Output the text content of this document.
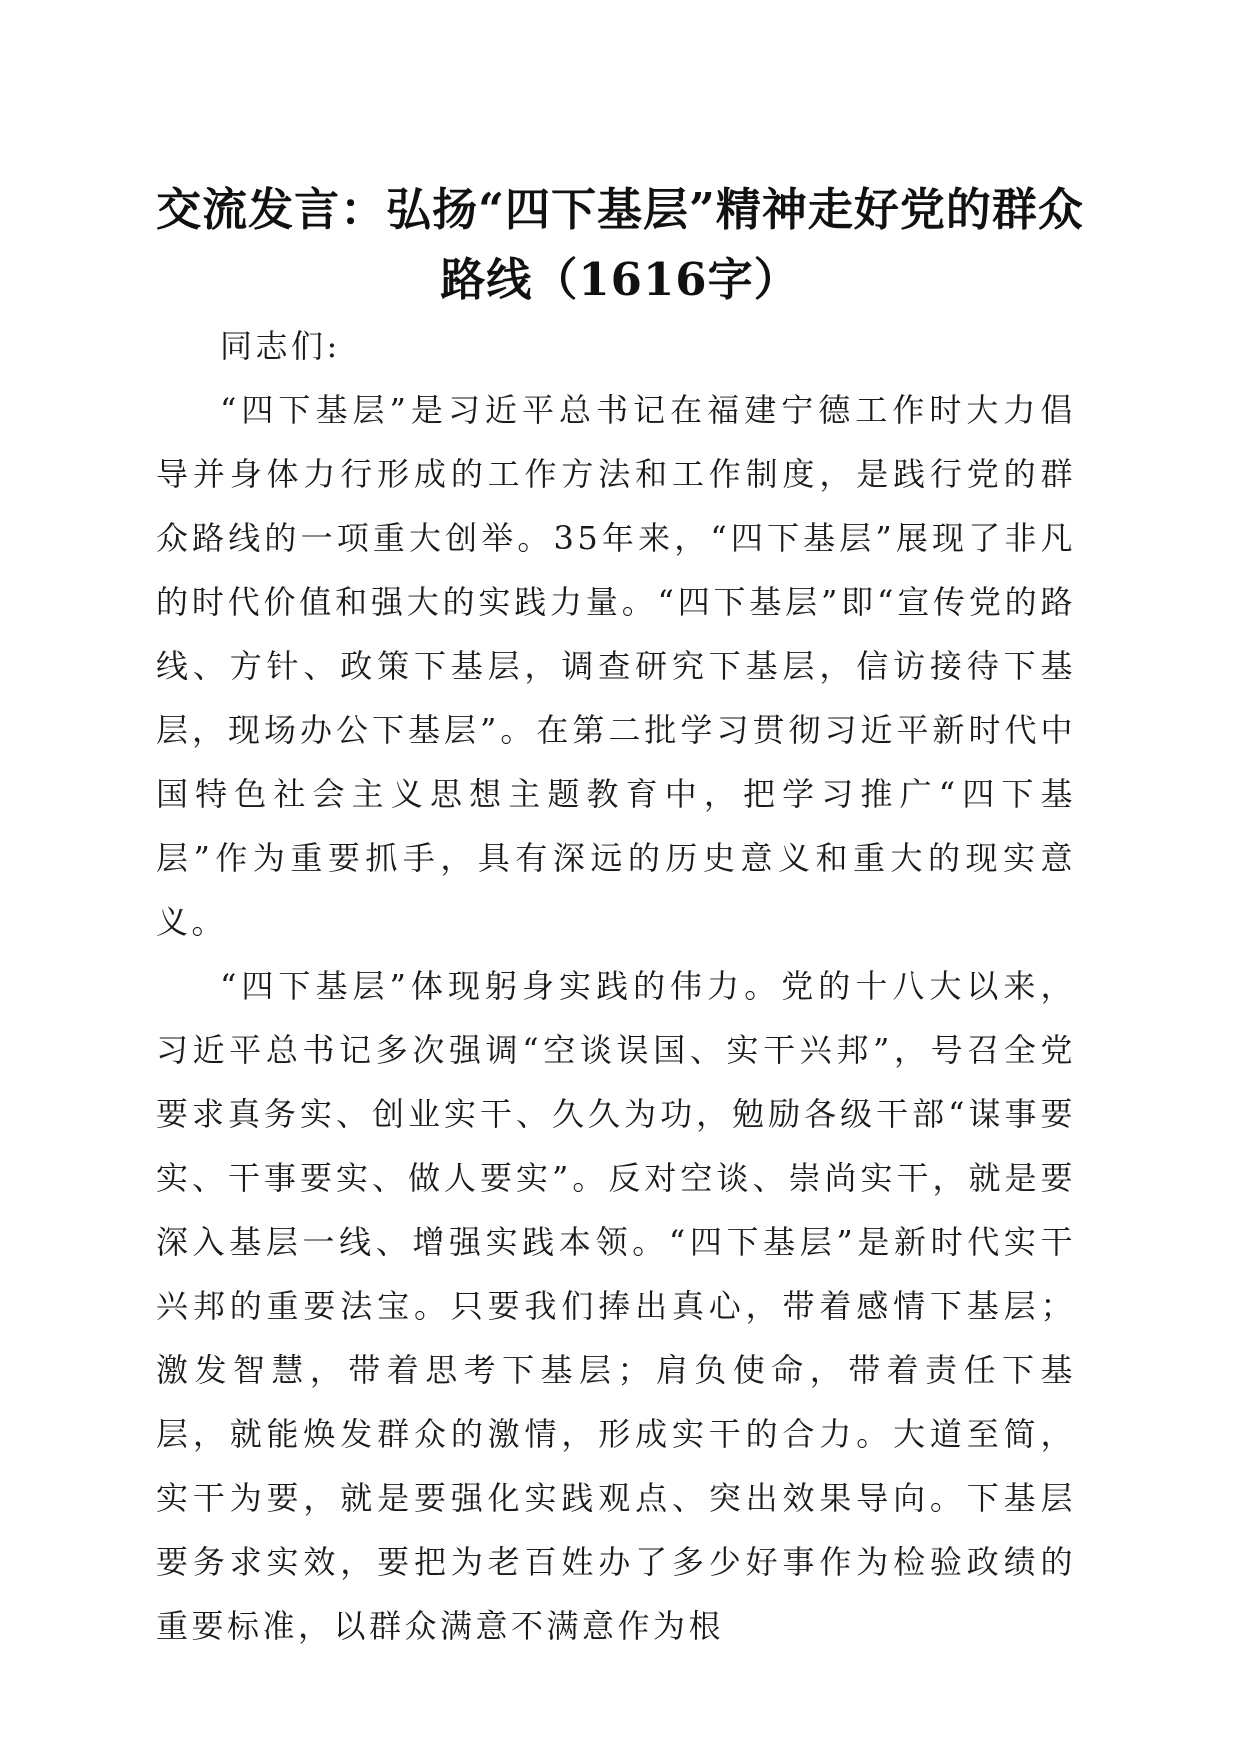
交流发言：弘扬“四下基层”精神走好党的群众路线（1616字）

同志们:

“四下基层”是习近平总书记在福建宁德工作时大力倡导并身体力行形成的工作方法和工作制度，是践行党的群众路线的一项重大创举。35年来，“四下基层”展现了非凡的时代价值和强大的实践力量。“四下基层”即“宣传党的路线、方针、政策下基层，调查研究下基层，信访接待下基层，现场办公下基层”。在第二批学习贯彻习近平新时代中国特色社会主义思想主题教育中，把学习推广“四下基层”作为重要抓手，具有深远的历史意义和重大的现实意义。

“四下基层”体现躬身实践的伟力。党的十八大以来，习近平总书记多次强调“空谈误国、实干兴邦”，号召全党要求真务实、创业实干、久久为功，勉励各级干部“谋事要实、干事要实、做人要实”。反对空谈、崇尚实干，就是要深入基层一线、增强实践本领。“四下基层”是新时代实干兴邦的重要法宝。只要我们捧出真心，带着感情下基层；激发智慧，带着思考下基层；肩负使命，带着责任下基层，就能焕发群众的激情，形成实干的合力。大道至简，实干为要，就是要强化实践观点、突出效果导向。下基层要务求实效，要把为老百姓办了多少好事作为检验政绩的重要标准，以群众满意不满意作为根
